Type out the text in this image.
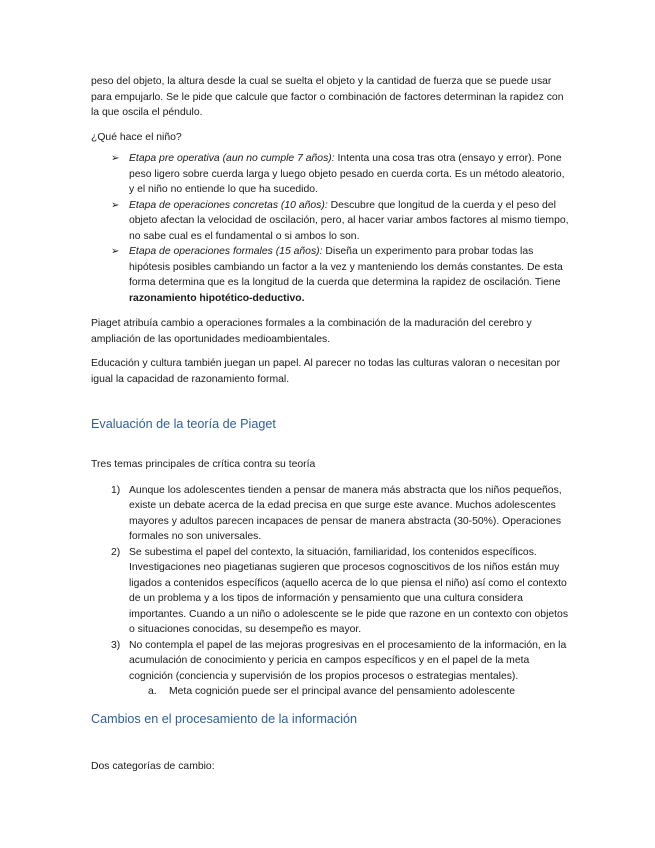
peso del objeto, la altura desde la cual se suelta el objeto y la cantidad de fuerza que se puede usar para empujarlo. Se le pide que calcule que factor o combinación de factores determinan la rapidez con la que oscila el péndulo.

¿Qué hace el niño?

➢ Etapa pre operativa (aun no cumple 7 años): Intenta una cosa tras otra (ensayo y error). Pone peso ligero sobre cuerda larga y luego objeto pesado en cuerda corta. Es un método aleatorio, y el niño no entiende lo que ha sucedido.
➢ Etapa de operaciones concretas (10 años): Descubre que longitud de la cuerda y el peso del objeto afectan la velocidad de oscilación, pero, al hacer variar ambos factores al mismo tiempo, no sabe cual es el fundamental o si ambos lo son.
➢ Etapa de operaciones formales (15 años): Diseña un experimento para probar todas las hipótesis posibles cambiando un factor a la vez y manteniendo los demás constantes. De esta forma determina que es la longitud de la cuerda que determina la rapidez de oscilación. Tiene razonamiento hipotético-deductivo.

Piaget atribuía cambio a operaciones formales a la combinación de la maduración del cerebro y ampliación de las oportunidades medioambientales.

Educación y cultura también juegan un papel. Al parecer no todas las culturas valoran o necesitan por igual la capacidad de razonamiento formal.

Evaluación de la teoría de Piaget

Tres temas principales de crítica contra su teoría

1) Aunque los adolescentes tienden a pensar de manera más abstracta que los niños pequeños, existe un debate acerca de la edad precisa en que surge este avance. Muchos adolescentes mayores y adultos parecen incapaces de pensar de manera abstracta (30-50%). Operaciones formales no son universales.
2) Se subestima el papel del contexto, la situación, familiaridad, los contenidos específicos. Investigaciones neo piagetianas sugieren que procesos cognoscitivos de los niños están muy ligados a contenidos específicos (aquello acerca de lo que piensa el niño) así como el contexto de un problema y a los tipos de información y pensamiento que una cultura considera importantes. Cuando a un niño o adolescente se le pide que razone en un contexto con objetos o situaciones conocidas, su desempeño es mayor.
3) No contempla el papel de las mejoras progresivas en el procesamiento de la información, en la acumulación de conocimiento y pericia en campos específicos y en el papel de la meta cognición (conciencia y supervisión de los propios procesos o estrategias mentales).
a. Meta cognición puede ser el principal avance del pensamiento adolescente
Cambios en el procesamiento de la información

Dos categorías de cambio:
